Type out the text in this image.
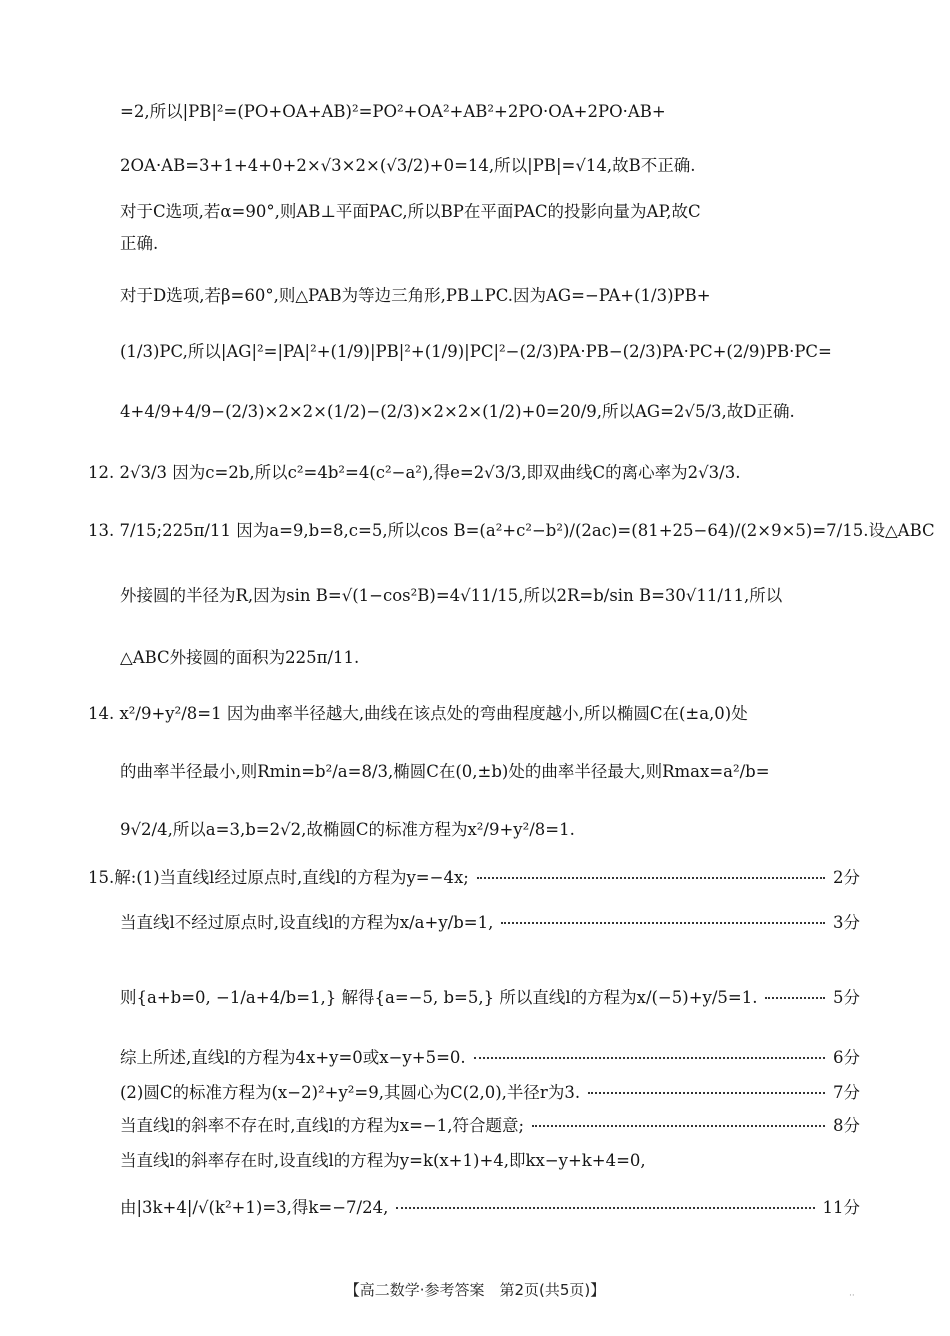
=2,所以|PB|²=(PO+OA+AB)²=PO²+OA²+AB²+2PO·OA+2PO·AB+
2OA·AB=3+1+4+0+2×√3×2×(√3/2)+0=14,所以|PB|=√14,故B不正确.
对于C选项,若α=90°,则AB⊥平面PAC,所以BP在平面PAC的投影向量为AP,故C
正确.
对于D选项,若β=60°,则△PAB为等边三角形,PB⊥PC.因为AG=−PA+(1/3)PB+
(1/3)PC,所以|AG|²=|PA|²+(1/9)|PB|²+(1/9)|PC|²−(2/3)PA·PB−(2/3)PA·PC+(2/9)PB·PC=
4+4/9+4/9−(2/3)×2×2×(1/2)−(2/3)×2×2×(1/2)+0=20/9,所以AG=2√5/3,故D正确.
12. 2√3/3 因为c=2b,所以c²=4b²=4(c²−a²),得e=2√3/3,即双曲线C的离心率为2√3/3.
13. 7/15;225π/11 因为a=9,b=8,c=5,所以cos B=(a²+c²−b²)/(2ac)=(81+25−64)/(2×9×5)=7/15.设△ABC
外接圆的半径为R,因为sin B=√(1−cos²B)=4√11/15,所以2R=b/sin B=30√11/11,所以
△ABC外接圆的面积为225π/11.
14. x²/9+y²/8=1 因为曲率半径越大,曲线在该点处的弯曲程度越小,所以椭圆C在(±a,0)处
的曲率半径最小,则Rmin=b²/a=8/3,椭圆C在(0,±b)处的曲率半径最大,则Rmax=a²/b=
9√2/4,所以a=3,b=2√2,故椭圆C的标准方程为x²/9+y²/8=1.
15.解:(1)当直线l经过原点时,直线l的方程为y=−4x;	2分
当直线l不经过原点时,设直线l的方程为x/a+y/b=1,	3分
则{a+b=0, −1/a+4/b=1,} 解得{a=−5, b=5,} 所以直线l的方程为x/(−5)+y/5=1.	5分
综上所述,直线l的方程为4x+y=0或x−y+5=0.	6分
(2)圆C的标准方程为(x−2)²+y²=9,其圆心为C(2,0),半径r为3.	7分
当直线l的斜率不存在时,直线l的方程为x=−1,符合题意;	8分
当直线l的斜率存在时,设直线l的方程为y=k(x+1)+4,即kx−y+k+4=0,
由|3k+4|/√(k²+1)=3,得k=−7/24,	11分
【高二数学·参考答案　第2页(共5页)】	··
